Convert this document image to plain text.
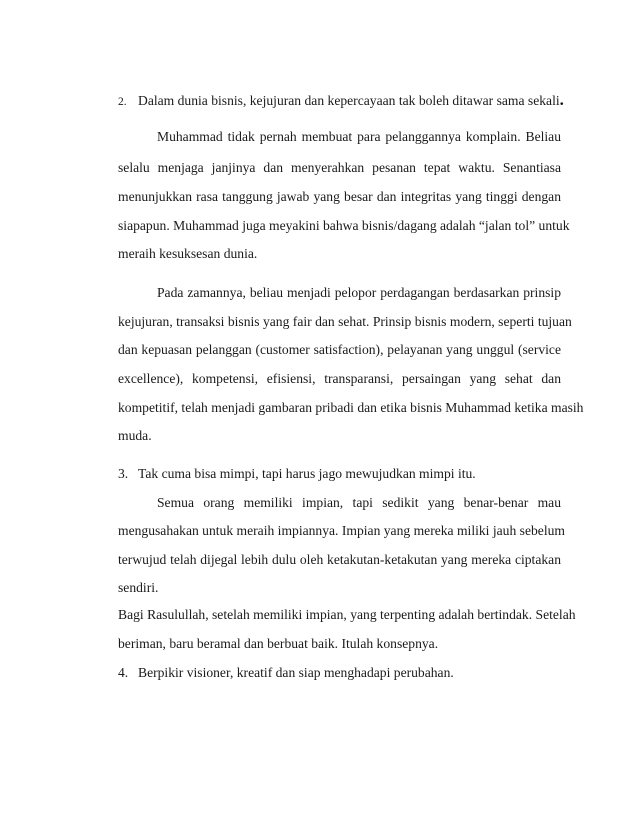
2. Dalam dunia bisnis, kejujuran dan kepercayaan tak boleh ditawar sama sekali.
Muhammad tidak pernah membuat para pelanggannya komplain. Beliau
selalu menjaga janjinya dan menyerahkan pesanan tepat waktu. Senantiasa
menunjukkan rasa tanggung jawab yang besar dan integritas yang tinggi dengan
siapapun. Muhammad juga meyakini bahwa bisnis/dagang adalah “jalan tol” untuk
meraih kesuksesan dunia.
Pada zamannya, beliau menjadi pelopor perdagangan berdasarkan prinsip
kejujuran, transaksi bisnis yang fair dan sehat. Prinsip bisnis modern, seperti tujuan
dan kepuasan pelanggan (customer satisfaction), pelayanan yang unggul (service
excellence), kompetensi, efisiensi, transparansi, persaingan yang sehat dan
kompetitif, telah menjadi gambaran pribadi dan etika bisnis Muhammad ketika masih
muda.
3. Tak cuma bisa mimpi, tapi harus jago mewujudkan mimpi itu.
Semua orang memiliki impian, tapi sedikit yang benar-benar mau
mengusahakan untuk meraih impiannya. Impian yang mereka miliki jauh sebelum
terwujud telah dijegal lebih dulu oleh ketakutan-ketakutan yang mereka ciptakan
sendiri.
Bagi Rasulullah, setelah memiliki impian, yang terpenting adalah bertindak. Setelah
beriman, baru beramal dan berbuat baik. Itulah konsepnya.
4. Berpikir visioner, kreatif dan siap menghadapi perubahan.
